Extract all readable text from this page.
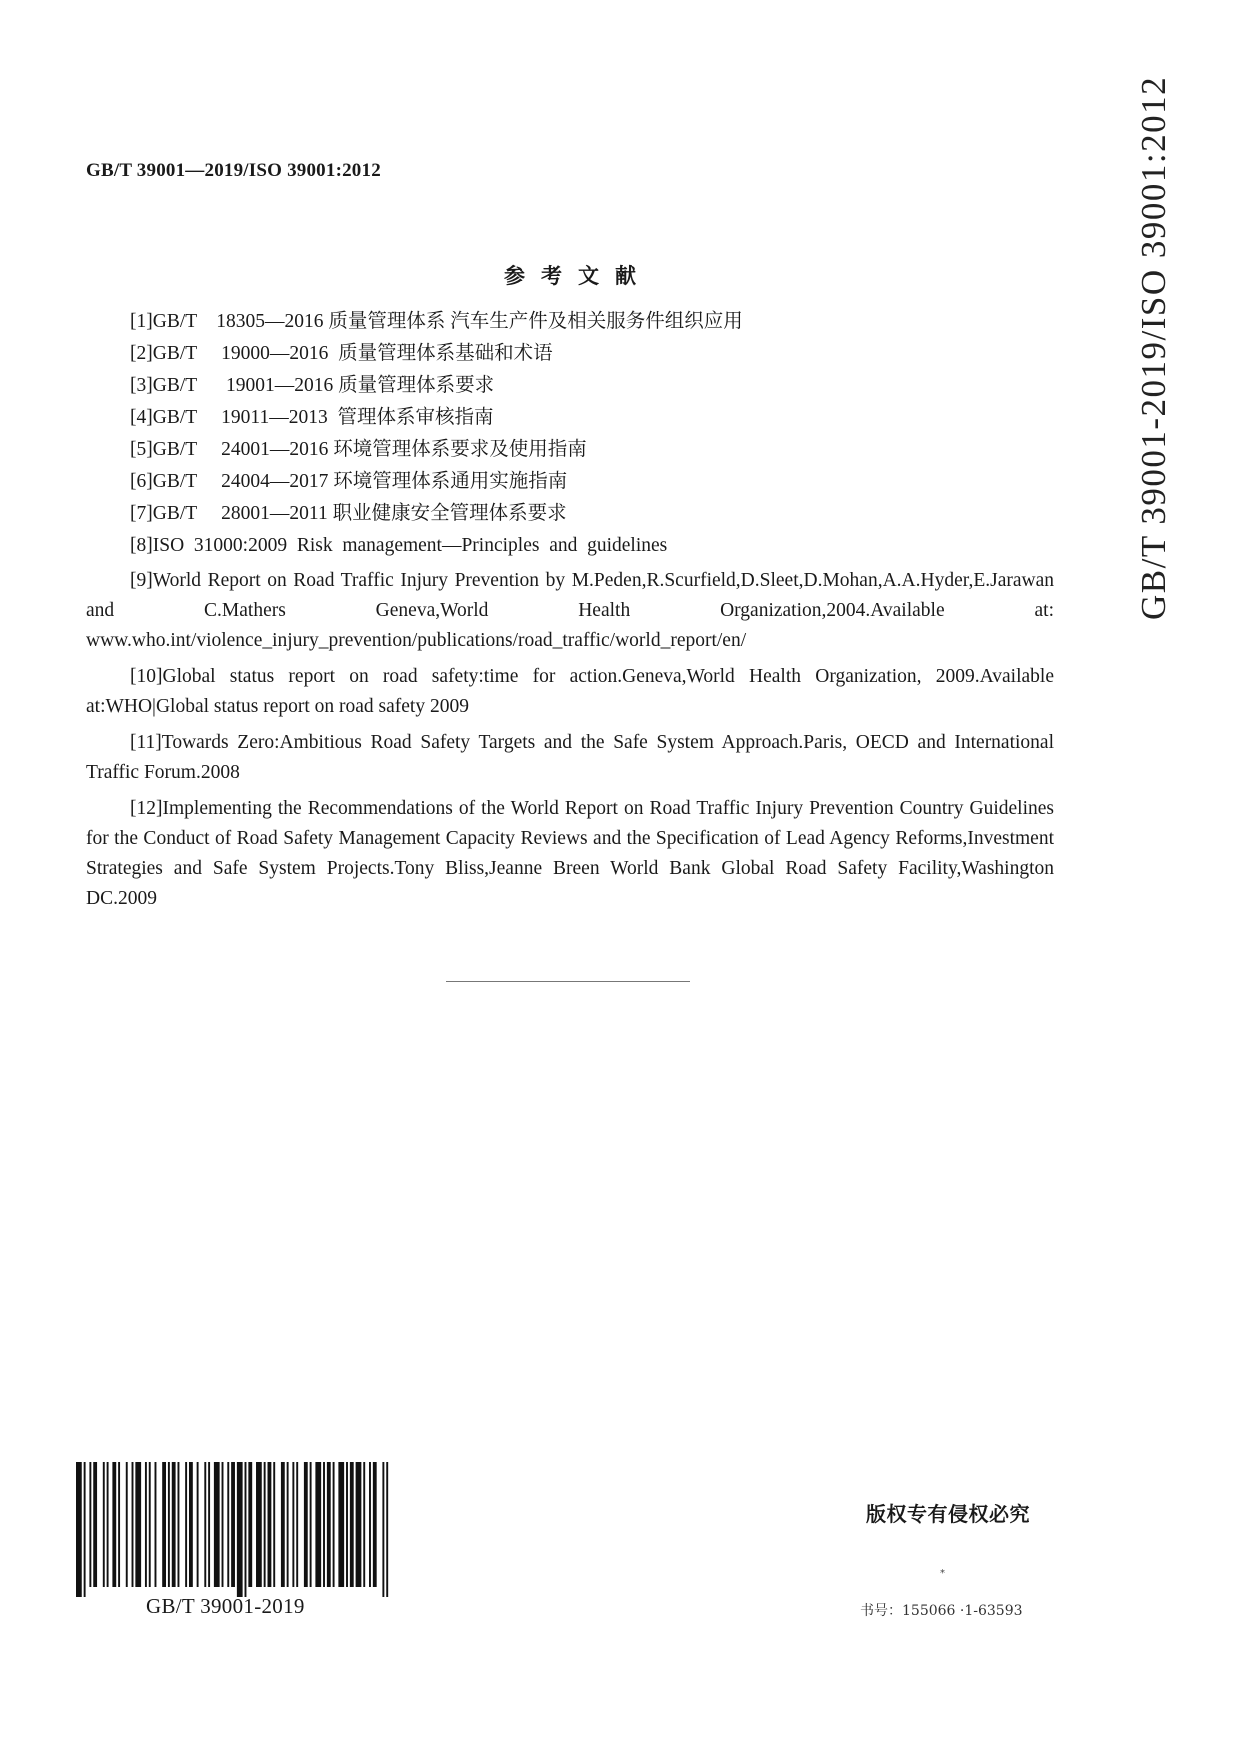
GB/T 39001—2019/ISO 39001:2012	GB/T 39001-2019/ISO 39001:2012
参考文献
[1]GB/T    18305—2016 质量管理体系 汽车生产件及相关服务件组织应用
[2]GB/T     19000—2016  质量管理体系基础和术语
[3]GB/T      19001—2016 质量管理体系要求
[4]GB/T     19011—2013  管理体系审核指南
[5]GB/T     24001—2016 环境管理体系要求及使用指南
[6]GB/T     24004—2017 环境管理体系通用实施指南
[7]GB/T     28001—2011 职业健康安全管理体系要求
[8]ISO  31000:2009  Risk  management—Principles  and  guidelines
[9]World Report on Road Traffic Injury Prevention by M.Peden,R.Scurfield,D.Sleet,D.Mohan,A.A.Hyder,E.Jarawan and C.Mathers Geneva,World Health Organization,2004.Available at: www.who.int/violence_injury_prevention/publications/road_traffic/world_report/en/
[10]Global status report on road safety:time for action.Geneva,World Health Organization, 2009.Available at:WHO|Global status report on road safety 2009
[11]Towards Zero:Ambitious Road Safety Targets and the Safe System Approach.Paris, OECD and International Traffic Forum.2008
[12]Implementing the Recommendations of the World Report on Road Traffic Injury Prevention Country Guidelines for the Conduct of Road Safety Management Capacity Reviews and the Specification of Lead Agency Reforms,Investment Strategies and Safe System Projects.Tony Bliss,Jeanne Breen World Bank Global Road Safety Facility,Washington DC.2009
GB/T 39001-2019
版权专有侵权必究
*
书号：155066 ·1-63593
